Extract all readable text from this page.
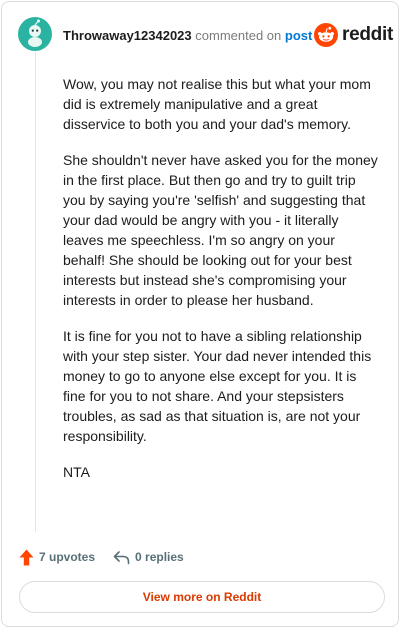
Throwaway12342023 commented on post reddit

Wow, you may not realise this but what your mom did is extremely manipulative and a great disservice to both you and your dad's memory.

She shouldn't never have asked you for the money in the first place. But then go and try to guilt trip you by saying you're 'selfish' and suggesting that your dad would be angry with you - it literally leaves me speechless. I'm so angry on your behalf! She should be looking out for your best interests but instead she's compromising your interests in order to please her husband.

It is fine for you not to have a sibling relationship with your step sister. Your dad never intended this money to go to anyone else except for you. It is fine for you to not share. And your stepsisters troubles, as sad as that situation is, are not your responsibility.

NTA

7 upvotes	0 replies
View more on Reddit
